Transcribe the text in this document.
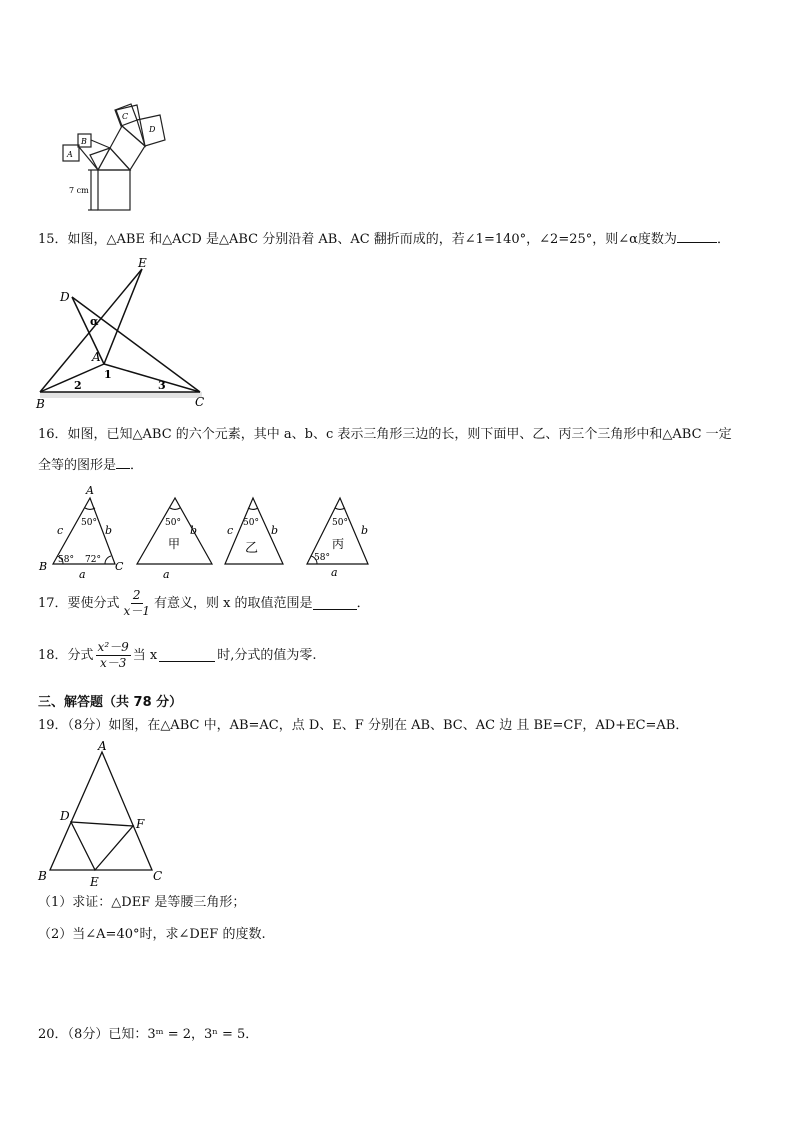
A
B
C
D
7 cm
15．如图，△ABE 和△ACD 是△ABC 分别沿着 AB、AC 翻折而成的，若∠1=140°，∠2=25°，则∠α度数为	．
E
D
α
A
1
2	3
B	C
16．如图，已知△ABC 的六个元素，其中 a、b、c 表示三角形三边的长，则下面甲、乙、丙三个三角形中和△ABC 一定
全等的图形是 ．
A
B	C
c	b
a
50°
58° 72°
50°
b
甲
a
50°
c	b
乙
50°
b
丙
58°
a
17．要使分式 $\frac{2}{x-1}$ 有意义，则 x 的取值范围是	．
18．分式 $\frac{\text{x²－9}}{x-3}$ 当 x	时,分式的值为零.
三、解答题（共 78 分）
19．（8分）如图，在△ABC 中，AB=AC，点 D、E、F 分别在 AB、BC、AC 边 且 BE=CF，AD+EC=AB．
A
B	C
D
E
F
（1）求证：△DEF 是等腰三角形；
（2）当∠A=40°时，求∠DEF 的度数.
20．（8分）已知：3ᵐ = 2，3ⁿ = 5．
